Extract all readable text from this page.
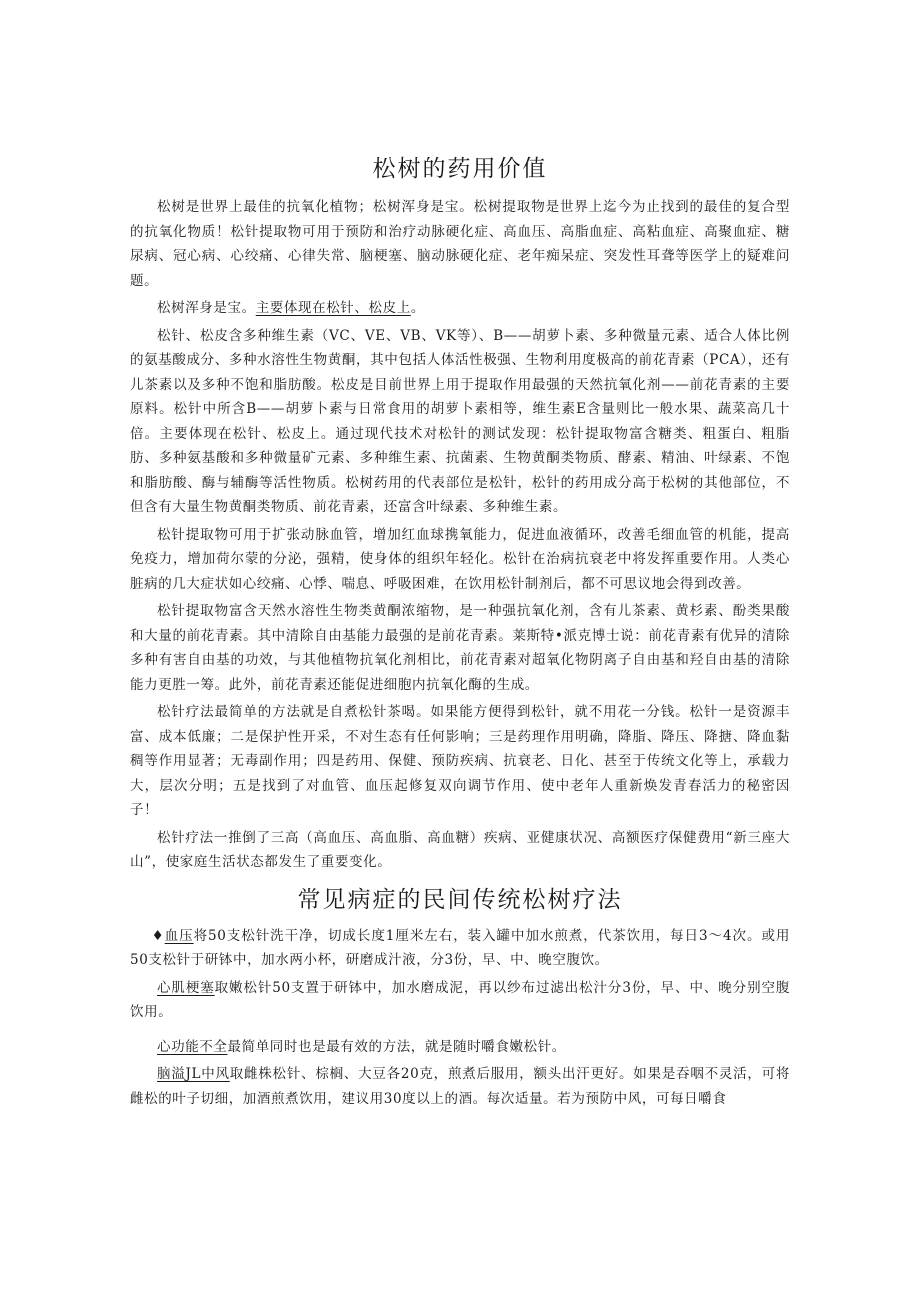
松树的药用价值

松树是世界上最佳的抗氧化植物；松树浑身是宝。松树提取物是世界上迄今为止找到的最佳的复合型的抗氧化物质！松针提取物可用于预防和治疗动脉硬化症、高血压、高脂血症、高粘血症、高聚血症、糖尿病、冠心病、心绞痛、心律失常、脑梗塞、脑动脉硬化症、老年痴呆症、突发性耳聋等医学上的疑难问题。

松树浑身是宝。主要体现在松针、松皮上。

松针、松皮含多种维生素（VC、VE、VB、VK等）、B——胡萝卜素、多种微量元素、适合人体比例的氨基酸成分、多种水溶性生物黄酮，其中包括人体活性极强、生物利用度极高的前花青素（PCA），还有儿茶素以及多种不饱和脂肪酸。松皮是目前世界上用于提取作用最强的天然抗氧化剂——前花青素的主要原料。松针中所含B——胡萝卜素与日常食用的胡萝卜素相等，维生素E含量则比一般水果、蔬菜高几十倍。主要体现在松针、松皮上。通过现代技术对松针的测试发现：松针提取物富含糖类、粗蛋白、粗脂肪、多种氨基酸和多种微量矿元素、多种维生素、抗菌素、生物黄酮类物质、酵素、精油、叶绿素、不饱和脂肪酸、酶与辅酶等活性物质。松树药用的代表部位是松针，松针的药用成分高于松树的其他部位，不但含有大量生物黄酮类物质、前花青素，还富含叶绿素、多种维生素。

松针提取物可用于扩张动脉血管，增加红血球携氧能力，促进血液循环，改善毛细血管的机能，提高免疫力，增加荷尔蒙的分泌，强精，使身体的组织年轻化。松针在治病抗衰老中将发挥重要作用。人类心脏病的几大症状如心绞痛、心悸、喘息、呼吸困难，在饮用松针制剂后，都不可思议地会得到改善。

松针提取物富含天然水溶性生物类黄酮浓缩物，是一种强抗氧化剂，含有儿茶素、黄杉素、酚类果酸和大量的前花青素。其中清除自由基能力最强的是前花青素。莱斯特•派克博士说：前花青素有优异的清除多种有害自由基的功效，与其他植物抗氧化剂相比，前花青素对超氧化物阴离子自由基和羟自由基的清除能力更胜一筹。此外，前花青素还能促进细胞内抗氧化酶的生成。

松针疗法最简单的方法就是自煮松针茶喝。如果能方便得到松针，就不用花一分钱。松针一是资源丰富、成本低廉；二是保护性开采，不对生态有任何影响；三是药理作用明确，降脂、降压、降搪、降血黏稠等作用显著；无毒副作用；四是药用、保健、预防疾病、抗衰老、日化、甚至于传统文化等上，承载力大，层次分明；五是找到了对血管、血压起修复双向调节作用、使中老年人重新焕发青春活力的秘密因子！

松针疗法一推倒了三高（高血压、高血脂、高血糖）疾病、亚健康状况、高额医疗保健费用“新三座大山”，使家庭生活状态都发生了重要变化。

常见病症的民间传统松树疗法

♦血压将50支松针洗干净，切成长度1厘米左右，装入罐中加水煎煮，代茶饮用，每日3～4次。或用50支松针于研钵中，加水两小杯，研磨成汁液，分3份，早、中、晚空腹饮。

心肌梗塞取嫩松针50支置于研钵中，加水磨成泥，再以纱布过滤出松汁分3份，早、中、晚分别空腹饮用。

心功能不全最简单同时也是最有效的方法，就是随时嚼食嫩松针。

脑溢JL中风取雌株松针、棕榈、大豆各20克，煎煮后服用，额头出汗更好。如果是吞咽不灵活，可将雌松的叶子切细，加酒煎煮饮用，建议用30度以上的酒。每次适量。若为预防中风，可每日嚼食
